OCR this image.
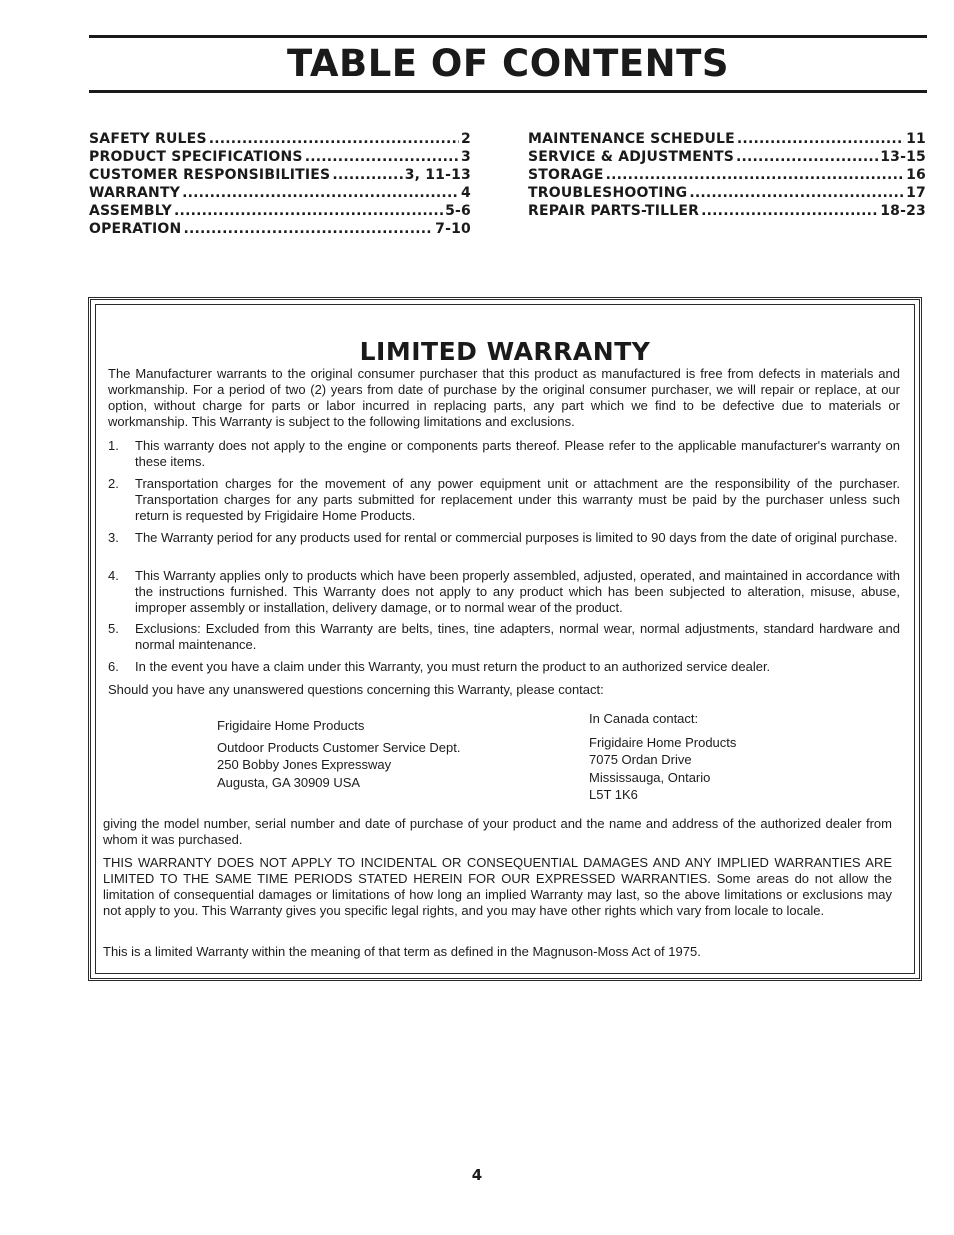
TABLE OF CONTENTS
SAFETY RULES .....	2
PRODUCT SPECIFICATIONS .....	3
CUSTOMER RESPONSIBILITIES .....	3, 11-13
WARRANTY .....	4
ASSEMBLY .....	5-6
OPERATION .....	7-10
MAINTENANCE SCHEDULE .....	11
SERVICE & ADJUSTMENTS .....	13-15
STORAGE .....	16
TROUBLESHOOTING .....	17
REPAIR PARTS-TILLER .....	18-23
LIMITED WARRANTY
The Manufacturer warrants to the original consumer purchaser that this product as manufactured is free from defects in materials and workmanship. For a period of two (2) years from date of purchase by the original consumer purchaser, we will repair or replace, at our option, without charge for parts or labor incurred in replacing parts, any part which we find to be defective due to materials or workmanship. This Warranty is subject to the following limitations and exclusions.
1. This warranty does not apply to the engine or components parts thereof. Please refer to the applicable manufacturer's warranty on these items.
2. Transportation charges for the movement of any power equipment unit or attachment are the responsibility of the purchaser. Transportation charges for any parts submitted for replacement under this warranty must be paid by the purchaser unless such return is requested by Frigidaire Home Products.
3. The Warranty period for any products used for rental or commercial purposes is limited to 90 days from the date of original purchase.
4. This Warranty applies only to products which have been properly assembled, adjusted, operated, and maintained in accordance with the instructions furnished. This Warranty does not apply to any product which has been subjected to alteration, misuse, abuse, improper assembly or installation, delivery damage, or to normal wear of the product.
5. Exclusions: Excluded from this Warranty are belts, tines, tine adapters, normal wear, normal adjustments, standard hardware and normal maintenance.
6. In the event you have a claim under this Warranty, you must return the product to an authorized service dealer.
Should you have any unanswered questions concerning this Warranty, please contact:
Frigidaire Home Products
Outdoor Products Customer Service Dept.
250 Bobby Jones Expressway
Augusta, GA 30909 USA
In Canada contact:
Frigidaire Home Products
7075 Ordan Drive
Mississauga, Ontario
L5T 1K6
giving the model number, serial number and date of purchase of your product and the name and address of the authorized dealer from whom it was purchased.
THIS WARRANTY DOES NOT APPLY TO INCIDENTAL OR CONSEQUENTIAL DAMAGES AND ANY IMPLIED WARRANTIES ARE LIMITED TO THE SAME TIME PERIODS STATED HEREIN FOR OUR EXPRESSED WARRANTIES. Some areas do not allow the limitation of consequential damages or limitations of how long an implied Warranty may last, so the above limitations or exclusions may not apply to you. This Warranty gives you specific legal rights, and you may have other rights which vary from locale to locale.
This is a limited Warranty within the meaning of that term as defined in the Magnuson-Moss Act of 1975.
4
